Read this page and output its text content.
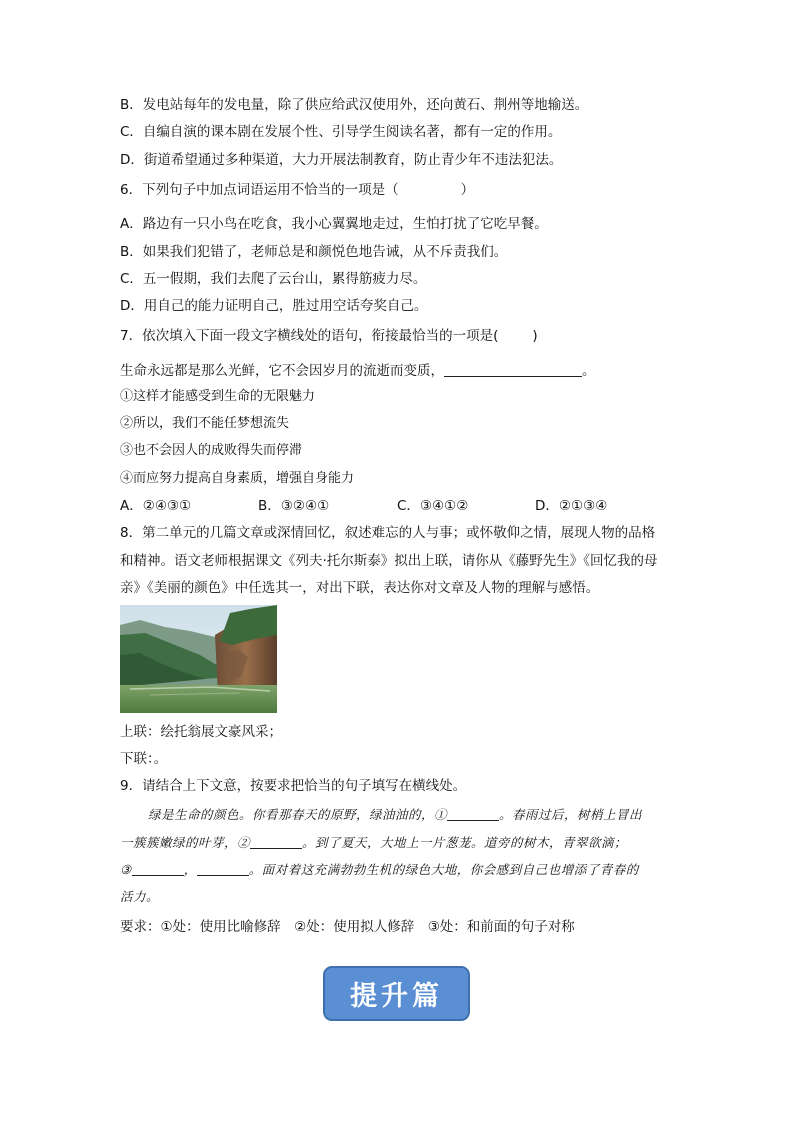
B．发电站每年的发电量，除了供应给武汉使用外，还向黄石、荆州等地输送。
C．自编自演的课本剧在发展个性、引导学生阅读名著，都有一定的作用。
D．街道希望通过多种渠道，大力开展法制教育，防止青少年不违法犯法。
6．下列句子中加点词语运用不恰当的一项是（	）
A．路边有一只小鸟在吃食，我小心翼翼地走过，生怕打扰了它吃早餐。
B．如果我们犯错了，老师总是和颜悦色地告诫，从不斥责我们。
C．五一假期，我们去爬了云台山，累得筋疲力尽。
D．用自己的能力证明自己，胜过用空话夸奖自己。
7．依次填入下面一段文字横线处的语句，衔接最恰当的一项是(	)
生命永远都是那么光鲜，它不会因岁月的流逝而变质，	。
①这样才能感受到生命的无限魅力
②所以，我们不能任梦想流失
③也不会因人的成败得失而停滞
④而应努力提高自身素质，增强自身能力
A．②④③①	B．③②④①	C．③④①②	D．②①③④
8．第二单元的几篇文章或深情回忆，叙述难忘的人与事；或怀敬仰之情，展现人物的品格
和精神。语文老师根据课文《列夫·托尔斯泰》拟出上联，请你从《藤野先生》《回忆我的母
亲》《美丽的颜色》中任选其一，对出下联，表达你对文章及人物的理解与感悟。
上联：绘托翁展文豪风采；
下联：。
9．请结合上下文意，按要求把恰当的句子填写在横线处。
绿是生命的颜色。你看那春天的原野，绿油油的，①	。春雨过后，树梢上冒出
一簇簇嫩绿的叶芽，②	。到了夏天，大地上一片葱茏。道旁的树木，青翠欲滴；
③	，	。面对着这充满勃勃生机的绿色大地，你会感到自己也增添了青春的
活力。
要求：①处：使用比喻修辞　②处：使用拟人修辞　③处：和前面的句子对称
提升篇
